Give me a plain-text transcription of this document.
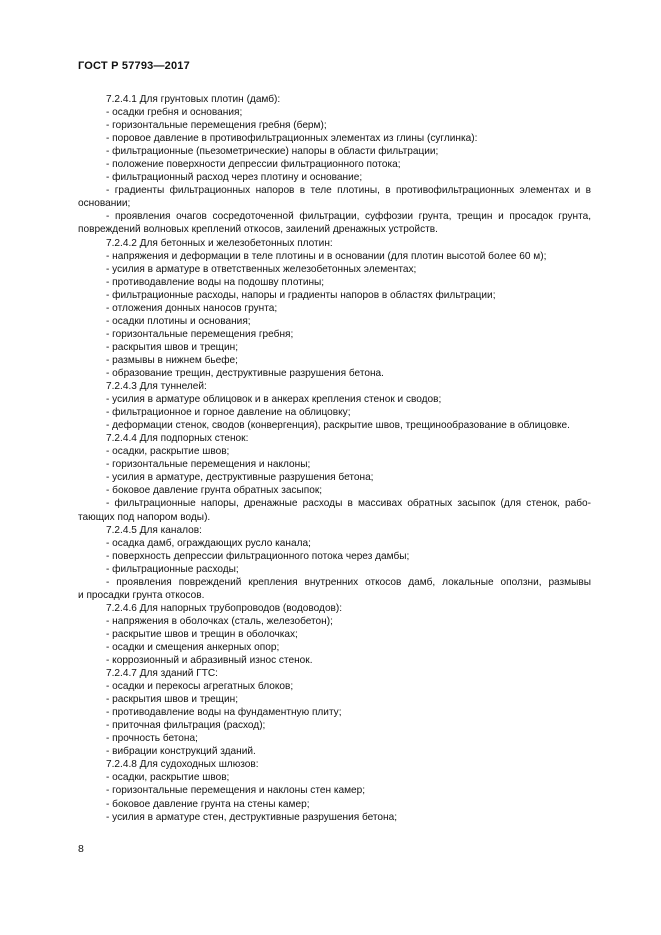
ГОСТ Р 57793—2017
7.2.4.1 Для грунтовых плотин (дамб):
- осадки гребня и основания;
- горизонтальные перемещения гребня (берм);
- поровое давление в противофильтрационных элементах из глины (суглинка):
- фильтрационные (пьезометрические) напоры в области фильтрации;
- положение поверхности депрессии фильтрационного потока;
- фильтрационный расход через плотину и основание;
- градиенты фильтрационных напоров в теле плотины, в противофильтрационных элементах и в
основании;
- проявления очагов сосредоточенной фильтрации, суффозии грунта, трещин и просадок грунта,
повреждений волновых креплений откосов, заилений дренажных устройств.
7.2.4.2 Для бетонных и железобетонных плотин:
- напряжения и деформации в теле плотины и в основании (для плотин высотой более 60 м);
- усилия в арматуре в ответственных железобетонных элементах;
- противодавление воды на подошву плотины;
- фильтрационные расходы, напоры и градиенты напоров в областях фильтрации;
- отложения донных наносов грунта;
- осадки плотины и основания;
- горизонтальные перемещения гребня;
- раскрытия швов и трещин;
- размывы в нижнем бьефе;
- образование трещин, деструктивные разрушения бетона.
7.2.4.3 Для туннелей:
- усилия в арматуре облицовок и в анкерах крепления стенок и сводов;
- фильтрационное и горное давление на облицовку;
- деформации стенок, сводов (конвергенция), раскрытие швов, трещинообразование в облицовке.
7.2.4.4 Для подпорных стенок:
- осадки, раскрытие швов;
- горизонтальные перемещения и наклоны;
- усилия в арматуре, деструктивные разрушения бетона;
- боковое давление грунта обратных засыпок;
- фильтрационные напоры, дренажные расходы в массивах обратных засыпок (для стенок, рабо-
тающих под напором воды).
7.2.4.5 Для каналов:
- осадка дамб, ограждающих русло канала;
- поверхность депрессии фильтрационного потока через дамбы;
- фильтрационные расходы;
- проявления повреждений крепления внутренних откосов дамб, локальные оползни, размывы
и просадки грунта откосов.
7.2.4.6 Для напорных трубопроводов (водоводов):
- напряжения в оболочках (сталь, железобетон);
- раскрытие швов и трещин в оболочках;
- осадки и смещения анкерных опор;
- коррозионный и абразивный износ стенок.
7.2.4.7 Для зданий ГТС:
- осадки и перекосы агрегатных блоков;
- раскрытия швов и трещин;
- противодавление воды на фундаментную плиту;
- приточная фильтрация (расход);
- прочность бетона;
- вибрации конструкций зданий.
7.2.4.8 Для судоходных шлюзов:
- осадки, раскрытие швов;
- горизонтальные перемещения и наклоны стен камер;
- боковое давление грунта на стены камер;
- усилия в арматуре стен, деструктивные разрушения бетона;
8
